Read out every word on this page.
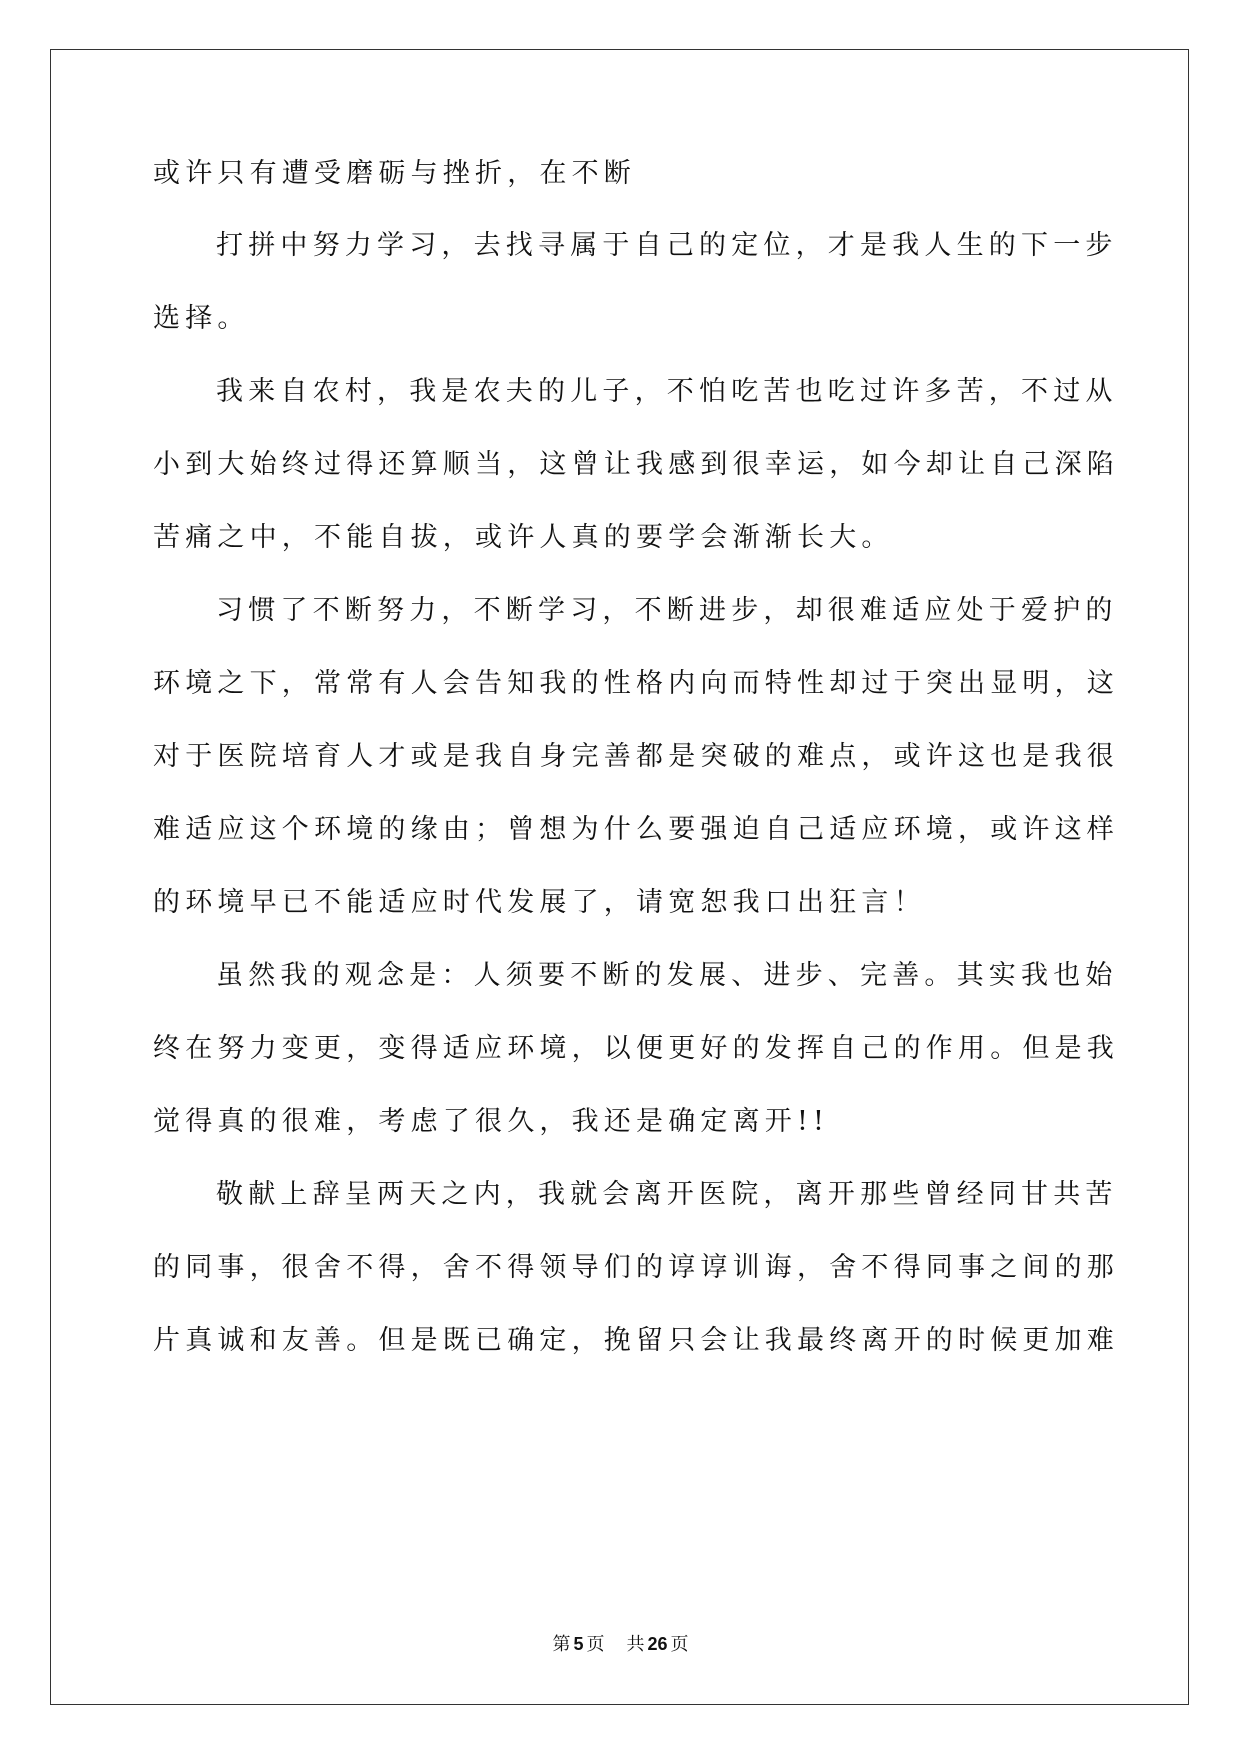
或许只有遭受磨砺与挫折，在不断
打拼中努力学习，去找寻属于自己的定位，才是我人生的下一步
选择。
我来自农村，我是农夫的儿子，不怕吃苦也吃过许多苦，不过从
小到大始终过得还算顺当，这曾让我感到很幸运，如今却让自己深陷
苦痛之中，不能自拔，或许人真的要学会渐渐长大。
习惯了不断努力，不断学习，不断进步，却很难适应处于爱护的
环境之下，常常有人会告知我的性格内向而特性却过于突出显明，这
对于医院培育人才或是我自身完善都是突破的难点，或许这也是我很
难适应这个环境的缘由；曾想为什么要强迫自己适应环境，或许这样
的环境早已不能适应时代发展了，请宽恕我口出狂言！
虽然我的观念是：人须要不断的发展、进步、完善。其实我也始
终在努力变更，变得适应环境，以便更好的发挥自己的作用。但是我
觉得真的很难，考虑了很久，我还是确定离开!!
敬献上辞呈两天之内，我就会离开医院，离开那些曾经同甘共苦
的同事，很舍不得，舍不得领导们的谆谆训诲，舍不得同事之间的那
片真诚和友善。但是既已确定，挽留只会让我最终离开的时候更加难
第 5 页 共 26 页
